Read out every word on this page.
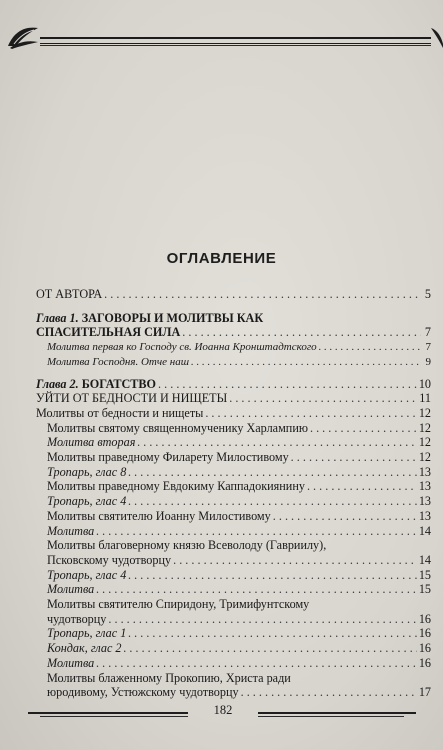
ОГЛАВЛЕНИЕ
ОТ АВТОРА . . .	5
Глава 1. ЗАГОВОРЫ И МОЛИТВЫ КАК
СПАСИТЕЛЬНАЯ СИЛА . . .	7
Молитва первая ко Господу св. Иоанна Кронштадтского . . .	7
Молитва Господня. Отче наш . . .	9
Глава 2. БОГАТСТВО . . .	10
УЙТИ ОТ БЕДНОСТИ И НИЩЕТЫ . . .	11
Молитвы от бедности и нищеты . . .	12
Молитвы святому священномученику Харлампию . . .	12
Молитва вторая . . .	12
Молитвы праведному Филарету Милостивому . . .	12
Тропарь, глас 8 . . .	13
Молитвы праведному Евдокиму Каппадокиянину . . .	13
Тропарь, глас 4 . . .	13
Молитвы святителю Иоанну Милостивому . . .	13
Молитва . . .	14
Молитвы благоверному князю Всеволоду (Гавриилу),
Псковскому чудотворцу . . .	14
Тропарь, глас 4 . . .	15
Молитва . . .	15
Молитвы святителю Спиридону, Тримифунтскому
чудотворцу . . .	16
Тропарь, глас 1 . . .	16
Кондак, глас 2 . . .	16
Молитва . . .	16
Молитвы блаженному Прокопию, Христа ради
юродивому, Устюжскому чудотворцу . . .	17
182
